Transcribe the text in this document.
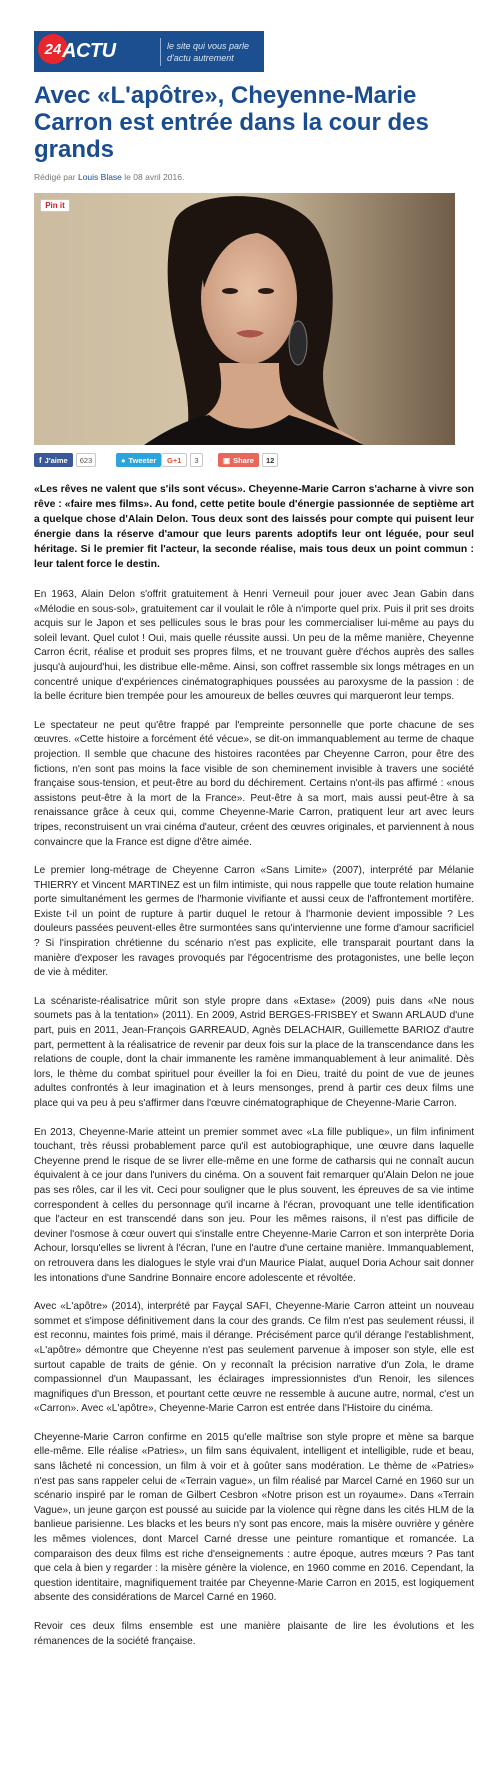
24 ACTU	le site qui vous parle
d'actu autrement
Avec «L'apôtre», Cheyenne-Marie Carron est entrée dans la cour des grands
Rédigé par Louis Blase le 08 avril 2016.
Pin it
f J'aime	623	● Tweeter	G+1	3	▣ Share	12

«Les rêves ne valent que s'ils sont vécus». Cheyenne-Marie Carron s'acharne à vivre son rêve : «faire mes films». Au fond, cette petite boule d'énergie passionnée de septième art a quelque chose d'Alain Delon. Tous deux sont des laissés pour compte qui puisent leur énergie dans la réserve d'amour que leurs parents adoptifs leur ont léguée, pour seul héritage. Si le premier fit l'acteur, la seconde réalise, mais tous deux un point commun : leur talent force le destin.

En 1963, Alain Delon s'offrit gratuitement à Henri Verneuil pour jouer avec Jean Gabin dans «Mélodie en sous-sol», gratuitement car il voulait le rôle à n'importe quel prix. Puis il prit ses droits acquis sur le Japon et ses pellicules sous le bras pour les commercialiser lui-même au pays du soleil levant. Quel culot ! Oui, mais quelle réussite aussi. Un peu de la même manière, Cheyenne Carron écrit, réalise et produit ses propres films, et ne trouvant guère d'échos auprès des salles jusqu'à aujourd'hui, les distribue elle-même. Ainsi, son coffret rassemble six longs métrages en un concentré unique d'expériences cinématographiques poussées au paroxysme de la passion : de la belle écriture bien trempée pour les amoureux de belles œuvres qui marqueront leur temps.

Le spectateur ne peut qu'être frappé par l'empreinte personnelle que porte chacune de ses œuvres. «Cette histoire a forcément été vécue», se dit-on immanquablement au terme de chaque projection. Il semble que chacune des histoires racontées par Cheyenne Carron, pour être des fictions, n'en sont pas moins la face visible de son cheminement invisible à travers une société française sous-tension, et peut-être au bord du déchirement. Certains n'ont-ils pas affirmé : «nous assistons peut-être à la mort de la France». Peut-être à sa mort, mais aussi peut-être à sa renaissance grâce à ceux qui, comme Cheyenne-Marie Carron, pratiquent leur art avec leurs tripes, reconstruisent un vrai cinéma d'auteur, créent des œuvres originales, et parviennent à nous convaincre que la France est digne d'être aimée.

Le premier long-métrage de Cheyenne Carron «Sans Limite» (2007), interprété par Mélanie THIERRY et Vincent MARTINEZ est un film intimiste, qui nous rappelle que toute relation humaine porte simultanément les germes de l'harmonie vivifiante et aussi ceux de l'affrontement mortifère. Existe t-il un point de rupture à partir duquel le retour à l'harmonie devient impossible ? Les douleurs passées peuvent-elles être surmontées sans qu'intervienne une forme d'amour sacrificiel ? Si l'inspiration chrétienne du scénario n'est pas explicite, elle transparait pourtant dans la manière d'exposer les ravages provoqués par l'égocentrisme des protagonistes, une belle leçon de vie à méditer.

La scénariste-réalisatrice mûrit son style propre dans «Extase» (2009) puis dans «Ne nous soumets pas à la tentation» (2011). En 2009, Astrid BERGES-FRISBEY et Swann ARLAUD d'une part, puis en 2011, Jean-François GARREAUD, Agnès DELACHAIR, Guillemette BARIOZ d'autre part, permettent à la réalisatrice de revenir par deux fois sur la place de la transcendance dans les relations de couple, dont la chair immanente les ramène immanquablement à leur animalité. Dès lors, le thème du combat spirituel pour éveiller la foi en Dieu, traité du point de vue de jeunes adultes confrontés à leur imagination et à leurs mensonges, prend à partir ces deux films une place qui va peu à peu s'affirmer dans l'œuvre cinématographique de Cheyenne-Marie Carron.

En 2013, Cheyenne-Marie atteint un premier sommet avec «La fille publique», un film infiniment touchant, très réussi probablement parce qu'il est autobiographique, une œuvre dans laquelle Cheyenne prend le risque de se livrer elle-même en une forme de catharsis qui ne connaît aucun équivalent à ce jour dans l'univers du cinéma. On a souvent fait remarquer qu'Alain Delon ne joue pas ses rôles, car il les vit. Ceci pour souligner que le plus souvent, les épreuves de sa vie intime correspondent à celles du personnage qu'il incarne à l'écran, provoquant une telle identification que l'acteur en est transcendé dans son jeu. Pour les mêmes raisons, il n'est pas difficile de deviner l'osmose à cœur ouvert qui s'installe entre Cheyenne-Marie Carron et son interprète Doria Achour, lorsqu'elles se livrent à l'écran, l'une en l'autre d'une certaine manière. Immanquablement, on retrouvera dans les dialogues le style vrai d'un Maurice Pialat, auquel Doria Achour sait donner les intonations d'une Sandrine Bonnaire encore adolescente et révoltée.

Avec «L'apôtre» (2014), interprété par Fayçal SAFI, Cheyenne-Marie Carron atteint un nouveau sommet et s'impose définitivement dans la cour des grands. Ce film n'est pas seulement réussi, il est reconnu, maintes fois primé, mais il dérange. Précisément parce qu'il dérange l'establishment, «L'apôtre» démontre que Cheyenne n'est pas seulement parvenue à imposer son style, elle est surtout capable de traits de génie. On y reconnaît la précision narrative d'un Zola, le drame compassionnel d'un Maupassant, les éclairages impressionnistes d'un Renoir, les silences magnifiques d'un Bresson, et pourtant cette œuvre ne ressemble à aucune autre, normal, c'est un «Carron». Avec «L'apôtre», Cheyenne-Marie Carron est entrée dans l'Histoire du cinéma.

Cheyenne-Marie Carron confirme en 2015 qu'elle maîtrise son style propre et mène sa barque elle-même. Elle réalise «Patries», un film sans équivalent, intelligent et intelligible, rude et beau, sans lâcheté ni concession, un film à voir et à goûter sans modération. Le thème de «Patries» n'est pas sans rappeler celui de «Terrain vague», un film réalisé par Marcel Carné en 1960 sur un scénario inspiré par le roman de Gilbert Cesbron «Notre prison est un royaume». Dans «Terrain Vague», un jeune garçon est poussé au suicide par la violence qui règne dans les cités HLM de la banlieue parisienne. Les blacks et les beurs n'y sont pas encore, mais la misère ouvrière y génère les mêmes violences, dont Marcel Carné dresse une peinture romantique et romancée. La comparaison des deux films est riche d'enseignements : autre époque, autres mœurs ? Pas tant que cela à bien y regarder : la misère génère la violence, en 1960 comme en 2016. Cependant, la question identitaire, magnifiquement traitée par Cheyenne-Marie Carron en 2015, est logiquement absente des considérations de Marcel Carné en 1960.

Revoir ces deux films ensemble est une manière plaisante de lire les évolutions et les rémanences de la société française.
